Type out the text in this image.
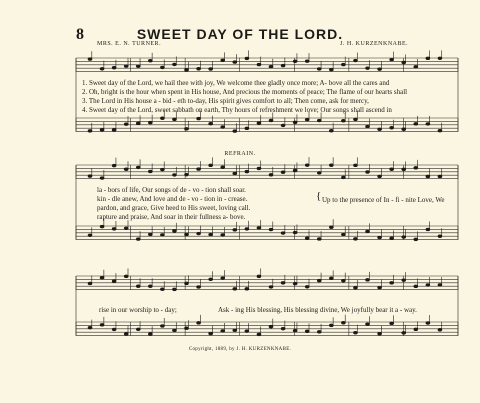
8	SWEET DAY OF THE LORD.
MRS. E. N. TURNER.	J. H. KURZENKNABE.
1. Sweet day of the Lord, we hail thee with joy, We welcome thee gladly once more; A- bove all the cares and
2. Oh, bright is the hour when spent in His house, And precious the moments of peace; The flame of our hearts shall
3. The Lord in His house a - bid - eth to-day, His spirit gives comfort to all; Then come, ask for mercy,
4. Sweet day of the Lord, sweet sabbath on earth, Thy hours of refreshment we love; Our songs shall ascend in
REFRAIN.
la - bors of life, Our songs of de - vo - tion shall soar.
kin - dle anew, And love and de - vo - tion in - crease.
pardon, and grace, Give heed to His sweet, loving call.
rapture and praise, And soar in their fullness a- bove.
{ Up to the presence of In - fi - nite Love, We
rise in our worship to - day;	Ask - ing His blessing, His blessing divine, We joyfully bear it a - way.
Copyright, 1889, by J. H. KURZENKNABE.
